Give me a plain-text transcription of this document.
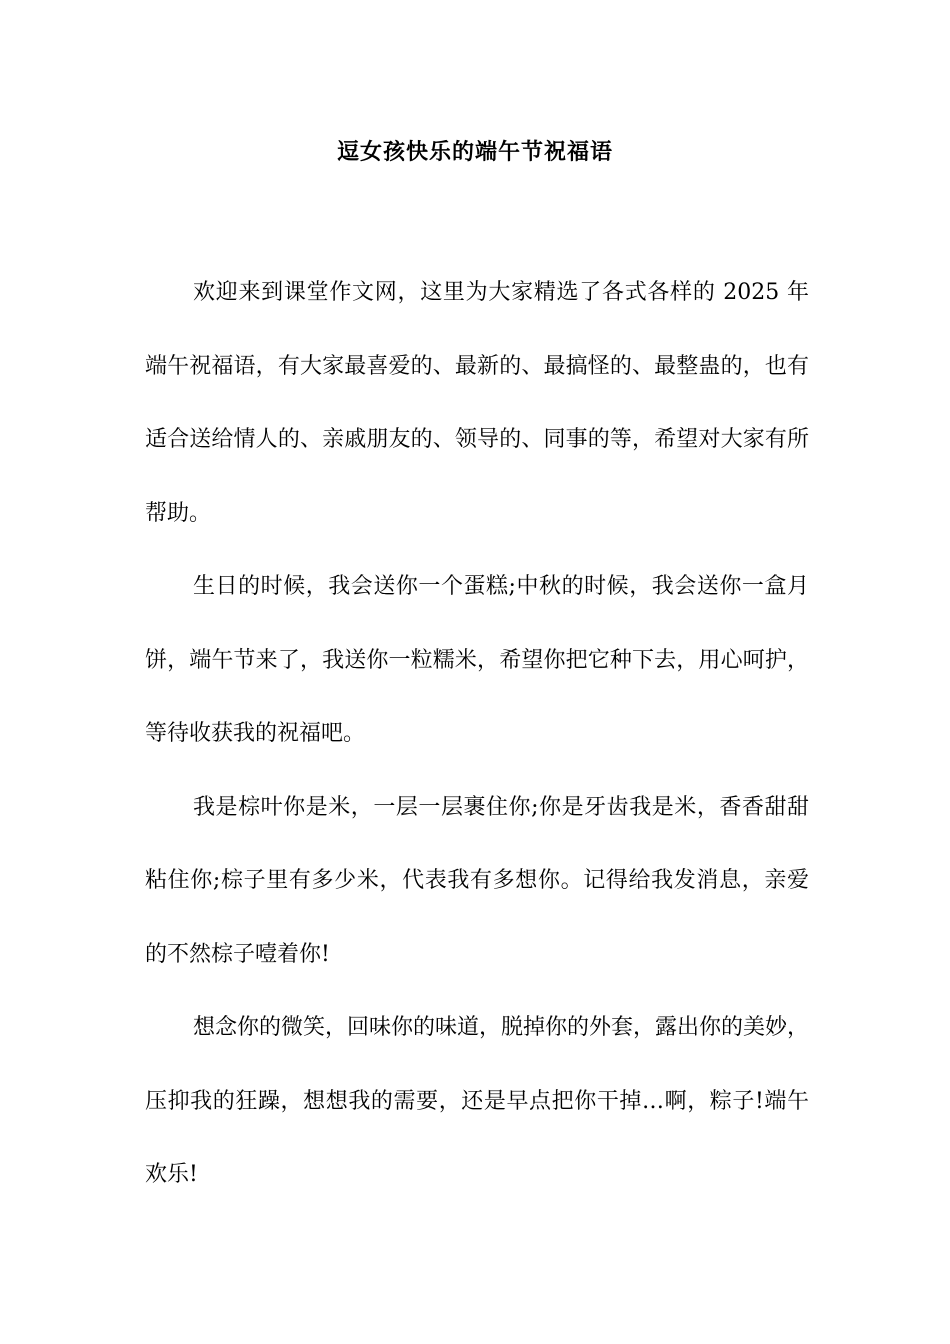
逗女孩快乐的端午节祝福语

欢迎来到课堂作文网，这里为大家精选了各式各样的 2025 年端午祝福语，有大家最喜爱的、最新的、最搞怪的、最整蛊的，也有适合送给情人的、亲戚朋友的、领导的、同事的等，希望对大家有所帮助。

生日的时候，我会送你一个蛋糕;中秋的时候，我会送你一盒月饼，端午节来了，我送你一粒糯米，希望你把它种下去，用心呵护，等待收获我的祝福吧。

我是棕叶你是米，一层一层裹住你;你是牙齿我是米，香香甜甜粘住你;棕子里有多少米，代表我有多想你。记得给我发消息，亲爱的不然棕子噎着你!

想念你的微笑，回味你的味道，脱掉你的外套，露出你的美妙，压抑我的狂躁，想想我的需要，还是早点把你干掉…啊，粽子!端午欢乐!
